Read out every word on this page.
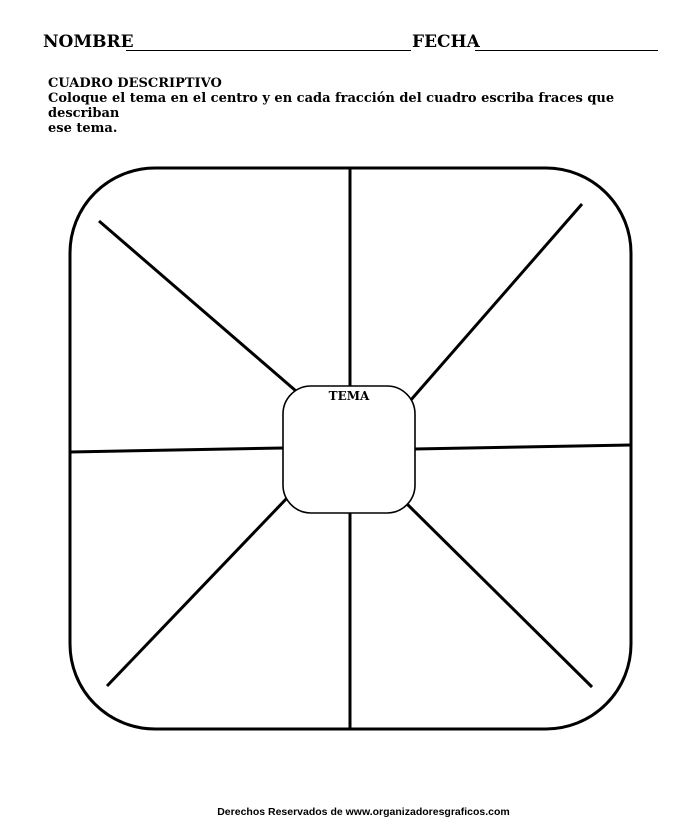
NOMBRE	FECHA
CUADRO DESCRIPTIVO
Coloque el tema en el centro y en cada fracción del cuadro escriba fraces que describan
ese tema.
TEMA
Derechos Reservados de www.organizadoresgraficos.com
